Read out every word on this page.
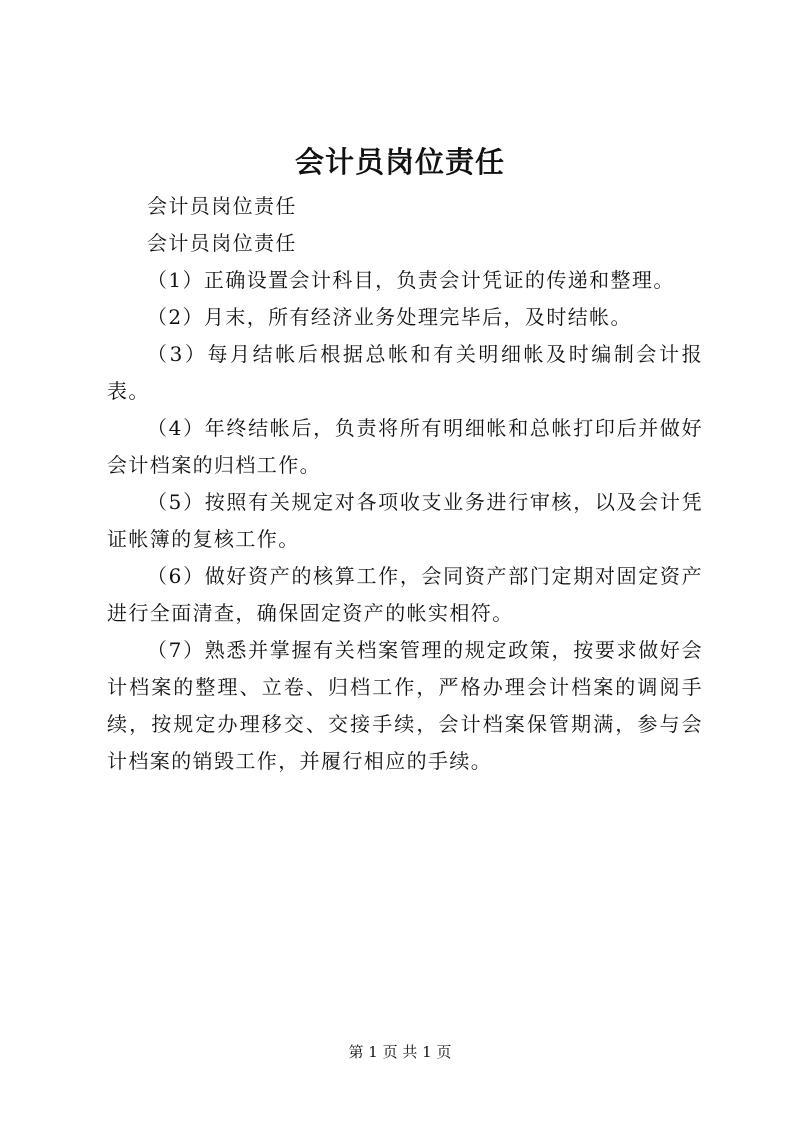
会计员岗位责任

会计员岗位责任

会计员岗位责任

（1）正确设置会计科目，负责会计凭证的传递和整理。

（2）月末，所有经济业务处理完毕后，及时结帐。

（3）每月结帐后根据总帐和有关明细帐及时编制会计报表。

（4）年终结帐后，负责将所有明细帐和总帐打印后并做好会计档案的归档工作。

（5）按照有关规定对各项收支业务进行审核，以及会计凭证帐簿的复核工作。

（6）做好资产的核算工作，会同资产部门定期对固定资产进行全面清查，确保固定资产的帐实相符。

（7）熟悉并掌握有关档案管理的规定政策，按要求做好会计档案的整理、立卷、归档工作，严格办理会计档案的调阅手续，按规定办理移交、交接手续，会计档案保管期满，参与会计档案的销毁工作，并履行相应的手续。

第 1 页 共 1 页
